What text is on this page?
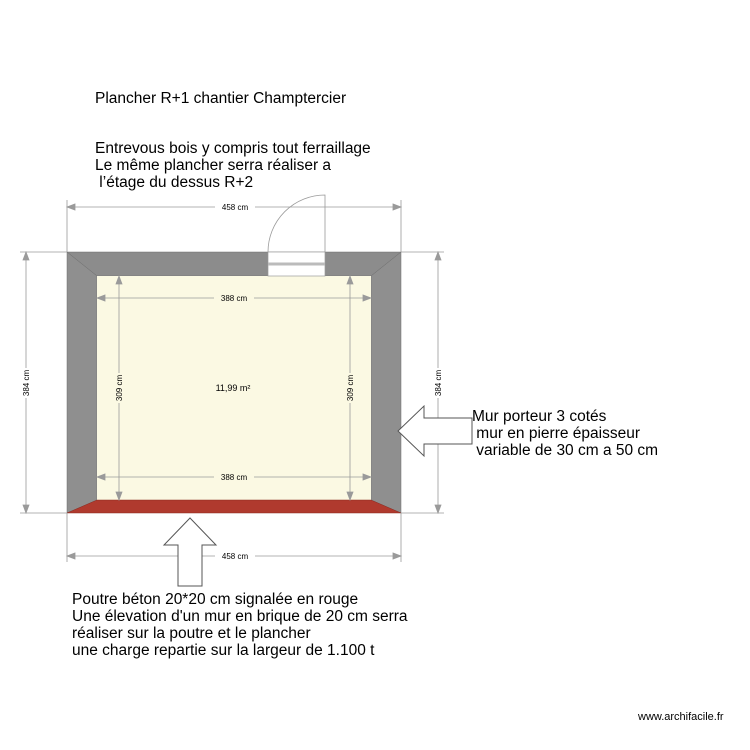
Plancher R+1 chantier Champtercier
Entrevous bois y compris tout ferraillage
Le même plancher serra réaliser a
l’étage du dessus R+2
458 cm
458 cm
388 cm
388 cm
384 cm	384 cm
309 cm	309 cm
11,99 m²
Mur porteur 3 cotés
mur en pierre épaisseur
variable de 30 cm a 50 cm
Poutre béton 20*20 cm signalée en rouge
Une élevation d'un mur en brique de 20 cm serra
réaliser sur la poutre et le plancher
une charge repartie sur la largeur de 1.100 t
www.archifacile.fr
